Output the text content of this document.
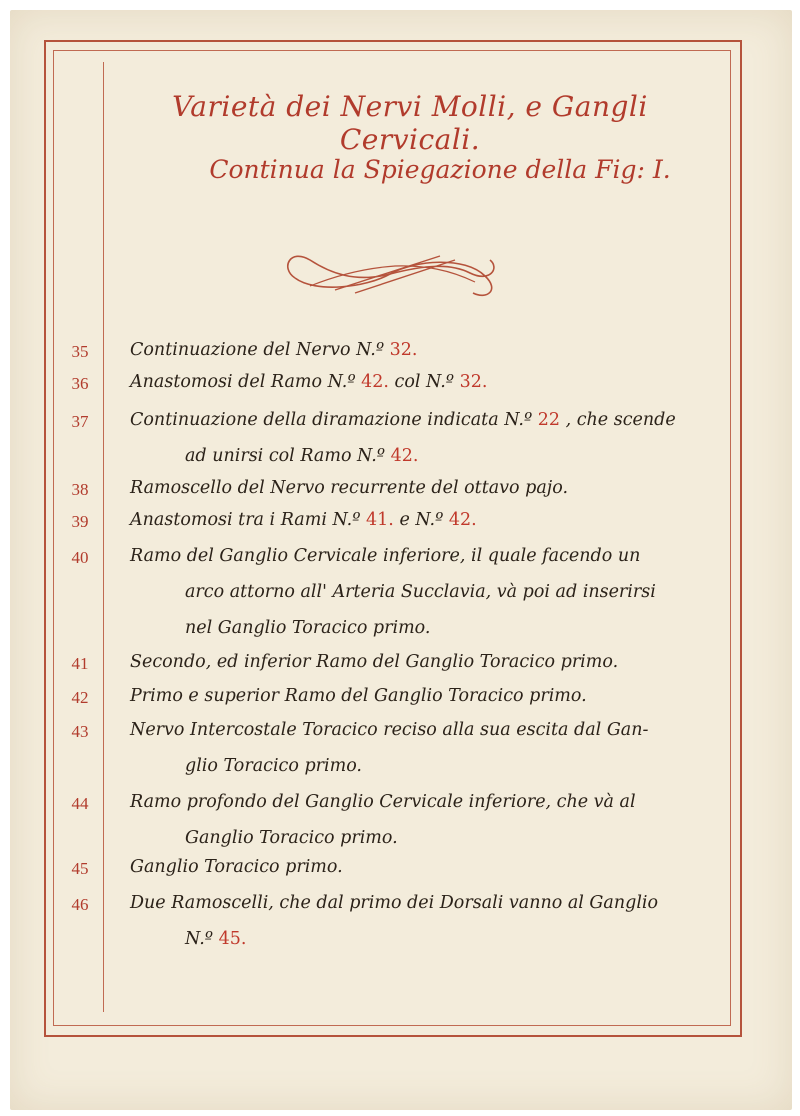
Varietà dei Nervi Molli, e Gangli Cervicali.
Continua la Spiegazione della Fig: I.
35	Continuazione del Nervo N.º 32.
36	Anastomosi del Ramo N.º 42. col N.º 32.
37	Continuazione della diramazione indicata N.º 22 , che scende
ad unirsi col Ramo N.º 42.
38	Ramoscello del Nervo recurrente del ottavo pajo.
39	Anastomosi tra i Rami N.º 41. e N.º 42.
40	Ramo del Ganglio Cervicale inferiore, il quale facendo un
arco attorno all' Arteria Succlavia, và poi ad inserirsi
nel Ganglio Toracico primo.
41	Secondo, ed inferior Ramo del Ganglio Toracico primo.
42	Primo e superior Ramo del Ganglio Toracico primo.
43	Nervo Intercostale Toracico reciso alla sua escita dal Gan-
glio Toracico primo.
44	Ramo profondo del Ganglio Cervicale inferiore, che và al
Ganglio Toracico primo.
45	Ganglio Toracico primo.
46	Due Ramoscelli, che dal primo dei Dorsali vanno al Ganglio
N.º 45.
